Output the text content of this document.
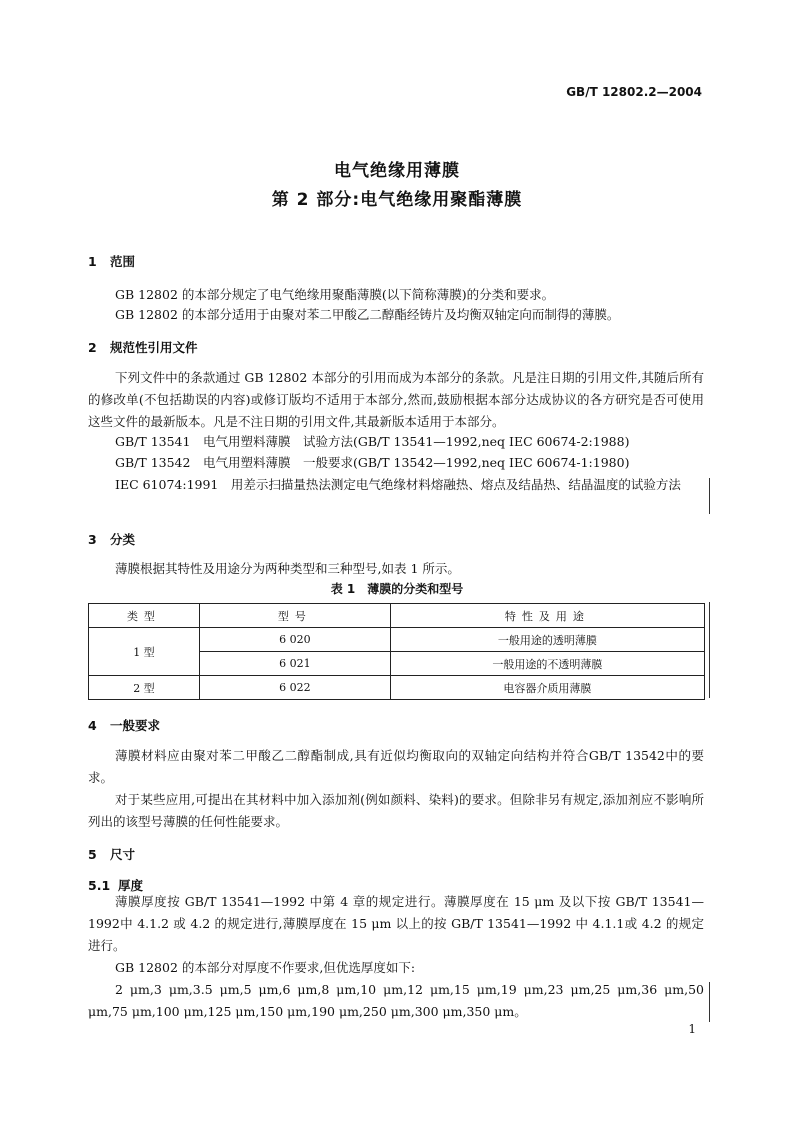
GB/T 12802.2—2004
电气绝缘用薄膜
第 2 部分:电气绝缘用聚酯薄膜
1 范围

GB 12802 的本部分规定了电气绝缘用聚酯薄膜(以下简称薄膜)的分类和要求。

GB 12802 的本部分适用于由聚对苯二甲酸乙二醇酯经铸片及均衡双轴定向而制得的薄膜。

2 规范性引用文件

下列文件中的条款通过 GB 12802 本部分的引用而成为本部分的条款。凡是注日期的引用文件,其随后所有的修改单(不包括勘误的内容)或修订版均不适用于本部分,然而,鼓励根据本部分达成协议的各方研究是否可使用这些文件的最新版本。凡是不注日期的引用文件,其最新版本适用于本部分。

GB/T 13541　电气用塑料薄膜　试验方法(GB/T 13541—1992,neq IEC 60674-2:1988)

GB/T 13542　电气用塑料薄膜　一般要求(GB/T 13542—1992,neq IEC 60674-1:1980)

IEC 61074:1991　用差示扫描量热法测定电气绝缘材料熔融热、熔点及结晶热、结晶温度的试验方法

3 分类

薄膜根据其特性及用途分为两种类型和三种型号,如表 1 所示。

表 1　薄膜的分类和型号
类型	型号	特性及用途
1 型	6 020	一般用途的透明薄膜
	6 021	一般用途的不透明薄膜
2 型	6 022	电容器介质用薄膜
4 一般要求

薄膜材料应由聚对苯二甲酸乙二醇酯制成,具有近似均衡取向的双轴定向结构并符合GB/T 13542中的要求。

对于某些应用,可提出在其材料中加入添加剂(例如颜料、染料)的要求。但除非另有规定,添加剂应不影响所列出的该型号薄膜的任何性能要求。

5 尺寸
5.1 厚度

薄膜厚度按 GB/T 13541—1992 中第 4 章的规定进行。薄膜厚度在 15 μm 及以下按 GB/T 13541—1992中 4.1.2 或 4.2 的规定进行,薄膜厚度在 15 μm 以上的按 GB/T 13541—1992 中 4.1.1或 4.2 的规定进行。

GB 12802 的本部分对厚度不作要求,但优选厚度如下:

2 μm,3 μm,3.5 μm,5 μm,6 μm,8 μm,10 μm,12 μm,15 μm,19 μm,23 μm,25 μm,36 μm,50 μm,75 μm,100 μm,125 μm,150 μm,190 μm,250 μm,300 μm,350 μm。

1
